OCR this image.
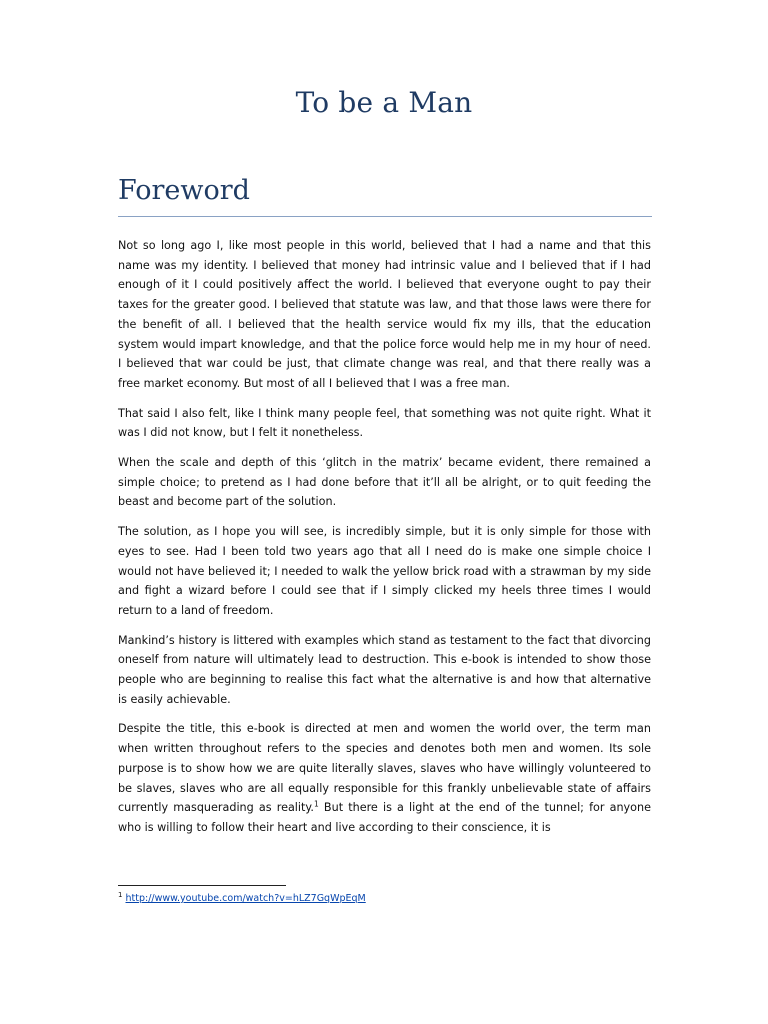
To be a Man
Foreword

Not so long ago I, like most people in this world, believed that I had a name and that this name was my identity. I believed that money had intrinsic value and I believed that if I had enough of it I could positively affect the world. I believed that everyone ought to pay their taxes for the greater good. I believed that statute was law, and that those laws were there for the benefit of all. I believed that the health service would fix my ills, that the education system would impart knowledge, and that the police force would help me in my hour of need. I believed that war could be just, that climate change was real, and that there really was a free market economy. But most of all I believed that I was a free man.

That said I also felt, like I think many people feel, that something was not quite right. What it was I did not know, but I felt it nonetheless.

When the scale and depth of this ‘glitch in the matrix’ became evident, there remained a simple choice; to pretend as I had done before that it’ll all be alright, or to quit feeding the beast and become part of the solution.

The solution, as I hope you will see, is incredibly simple, but it is only simple for those with eyes to see. Had I been told two years ago that all I need do is make one simple choice I would not have believed it; I needed to walk the yellow brick road with a strawman by my side and fight a wizard before I could see that if I simply clicked my heels three times I would return to a land of freedom.

Mankind’s history is littered with examples which stand as testament to the fact that divorcing oneself from nature will ultimately lead to destruction. This e-book is intended to show those people who are beginning to realise this fact what the alternative is and how that alternative is easily achievable.

Despite the title, this e-book is directed at men and women the world over, the term man when written throughout refers to the species and denotes both men and women. Its sole purpose is to show how we are quite literally slaves, slaves who have willingly volunteered to be slaves, slaves who are all equally responsible for this frankly unbelievable state of affairs currently masquerading as reality.$^1$ But there is a light at the end of the tunnel; for anyone who is willing to follow their heart and live according to their conscience, it is

$^1$ http://www.youtube.com/watch?v=hLZ7GqWpEqM
